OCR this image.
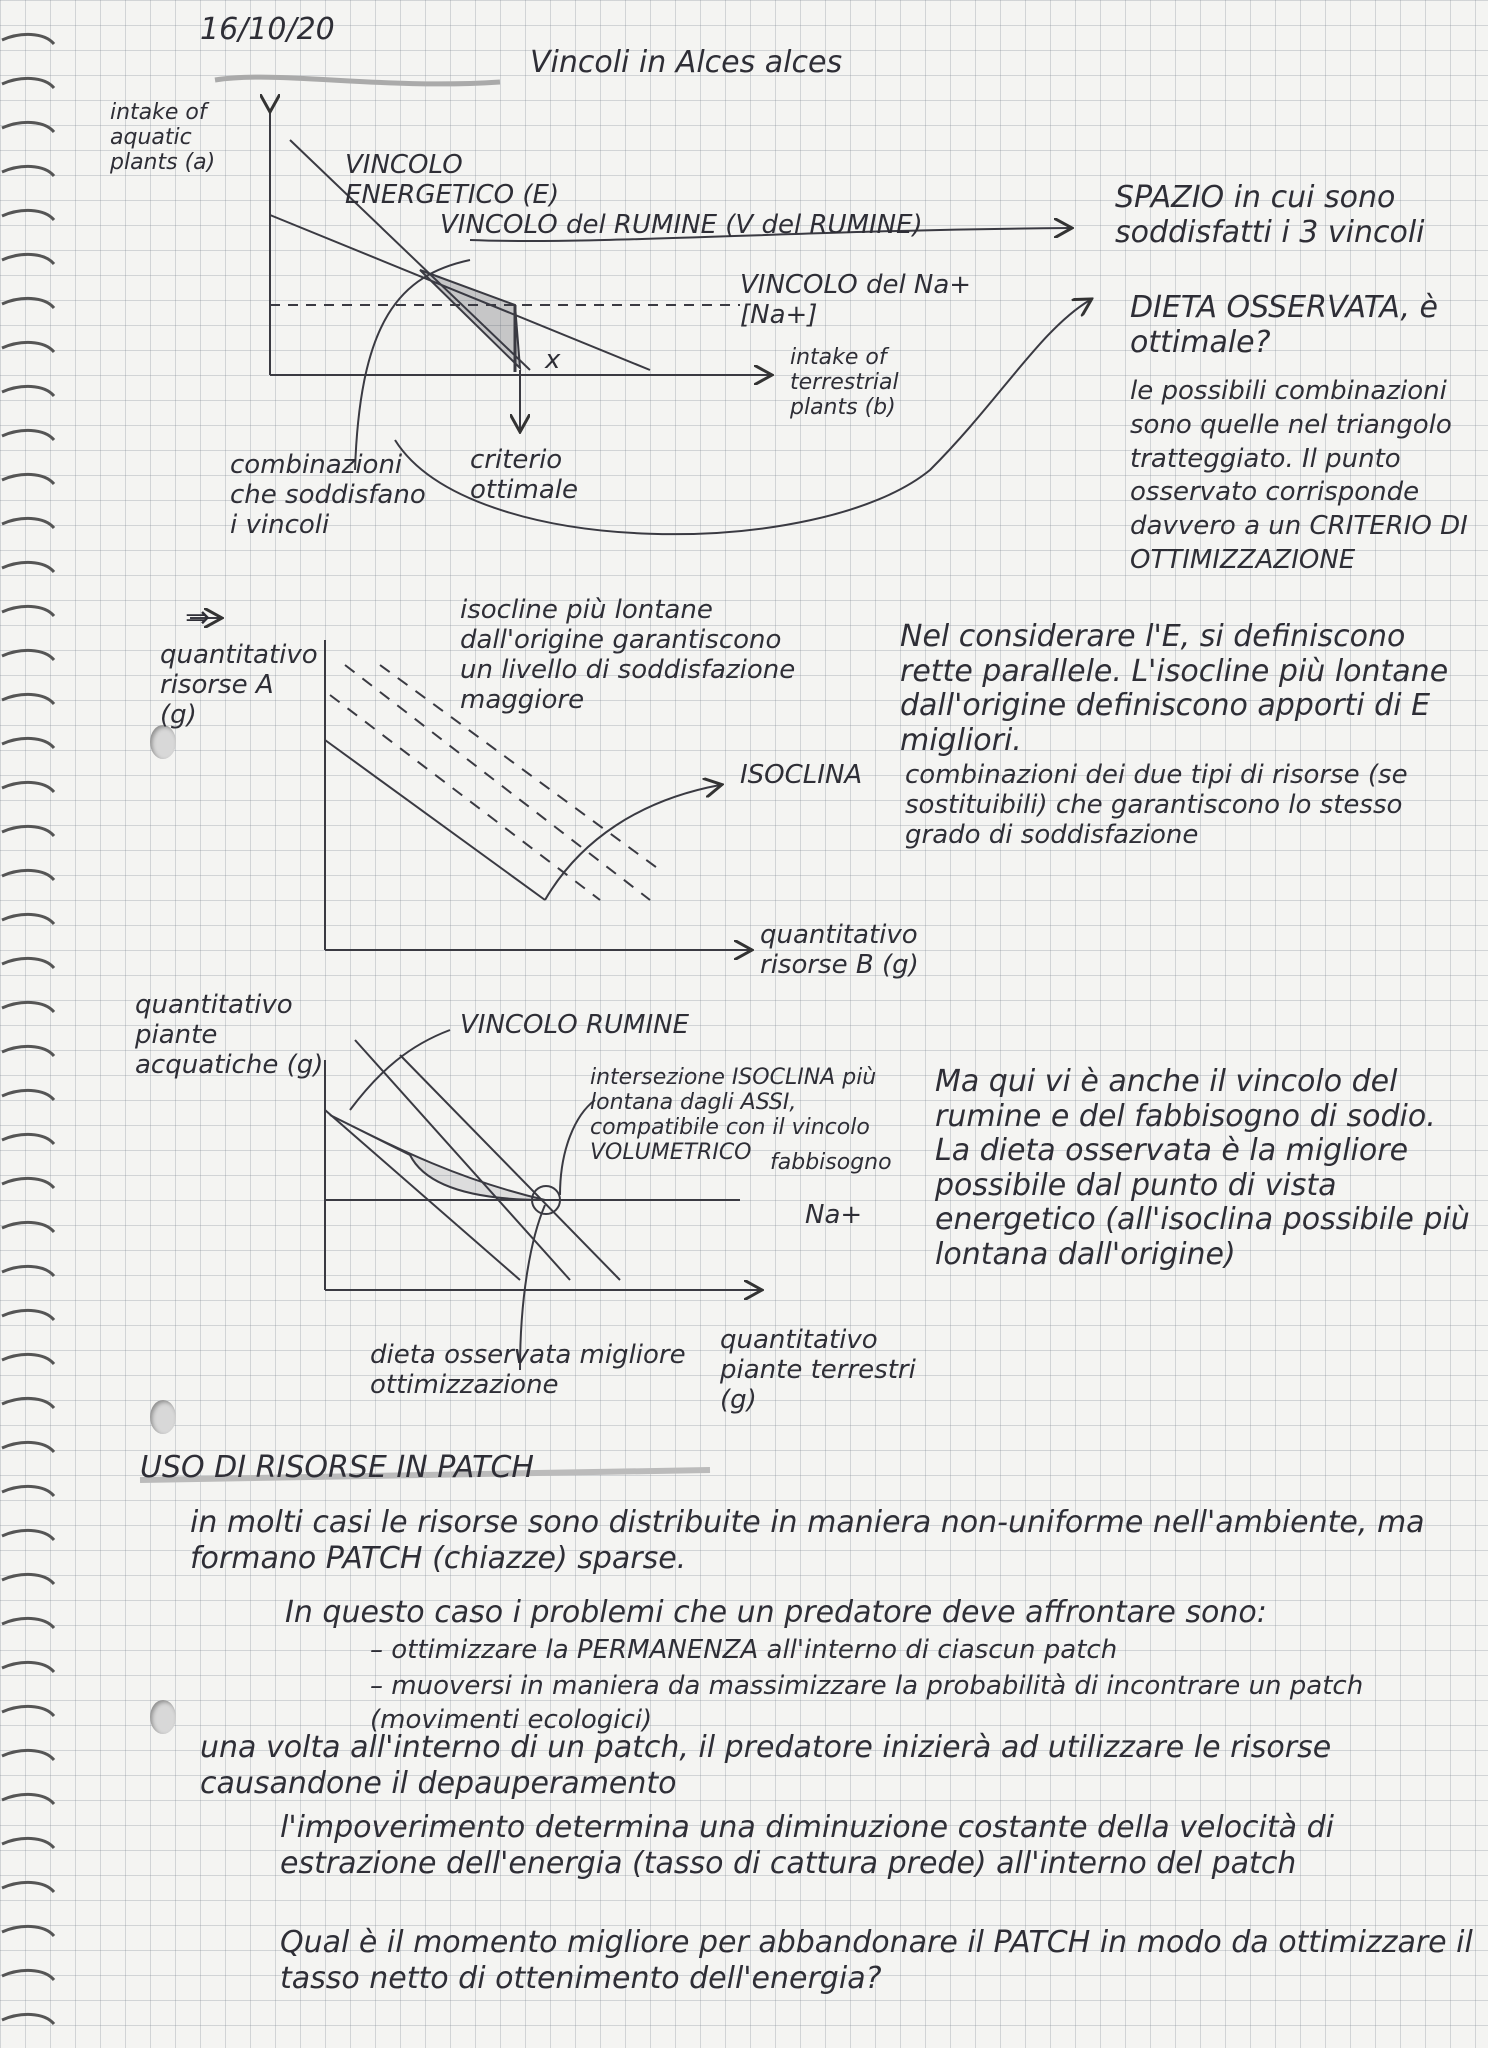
16/10/20
Vincoli in Alces alces
intake of aquatic plants (a)	VINCOLO ENERGETICO (E)
VINCOLO del RUMINE (V del RUMINE)
VINCOLO del Na+ [Na+]
x	intake of terrestrial plants (b)
combinazioni che soddisfano i vincoli
criterio ottimale
SPAZIO in cui sono soddisfatti i 3 vincoli
DIETA OSSERVATA, è ottimale?
le possibili combinazioni sono quelle nel triangolo tratteggiato. Il punto osservato corrisponde davvero a un CRITERIO DI OTTIMIZZAZIONE
⇒	isocline più lontane dall'origine garantiscono un livello di soddisfazione maggiore
quantitativo risorse A (g)
ISOCLINA combinazioni dei due tipi di risorse (se sostituibili) che garantiscono lo stesso grado di soddisfazione
quantitativo risorse B (g)
Nel considerare l'E, si definiscono rette parallele. L'isocline più lontane dall'origine definiscono apporti di E migliori.
quantitativo piante acquatiche (g)
VINCOLO RUMINE
intersezione ISOCLINA più lontana dagli ASSI, compatibile con il vincolo VOLUMETRICO fabbisogno
Na+
quantitativo piante terrestri (g)
dieta osservata migliore ottimizzazione
Ma qui vi è anche il vincolo del rumine e del fabbisogno di sodio. La dieta osservata è la migliore possibile dal punto di vista energetico (all'isoclina possibile più lontana dall'origine)
USO DI RISORSE IN PATCH
in molti casi le risorse sono distribuite in maniera non-uniforme nell'ambiente, ma formano PATCH (chiazze) sparse.
In questo caso i problemi che un predatore deve affrontare sono:
– ottimizzare la PERMANENZA all'interno di ciascun patch
– muoversi in maniera da massimizzare la probabilità di incontrare un patch (movimenti ecologici)
una volta all'interno di un patch, il predatore inizierà ad utilizzare le risorse causandone il depauperamento
l'impoverimento determina una diminuzione costante della velocità di estrazione dell'energia (tasso di cattura prede) all'interno del patch
Qual è il momento migliore per abbandonare il PATCH in modo da ottimizzare il tasso netto di ottenimento dell'energia?
